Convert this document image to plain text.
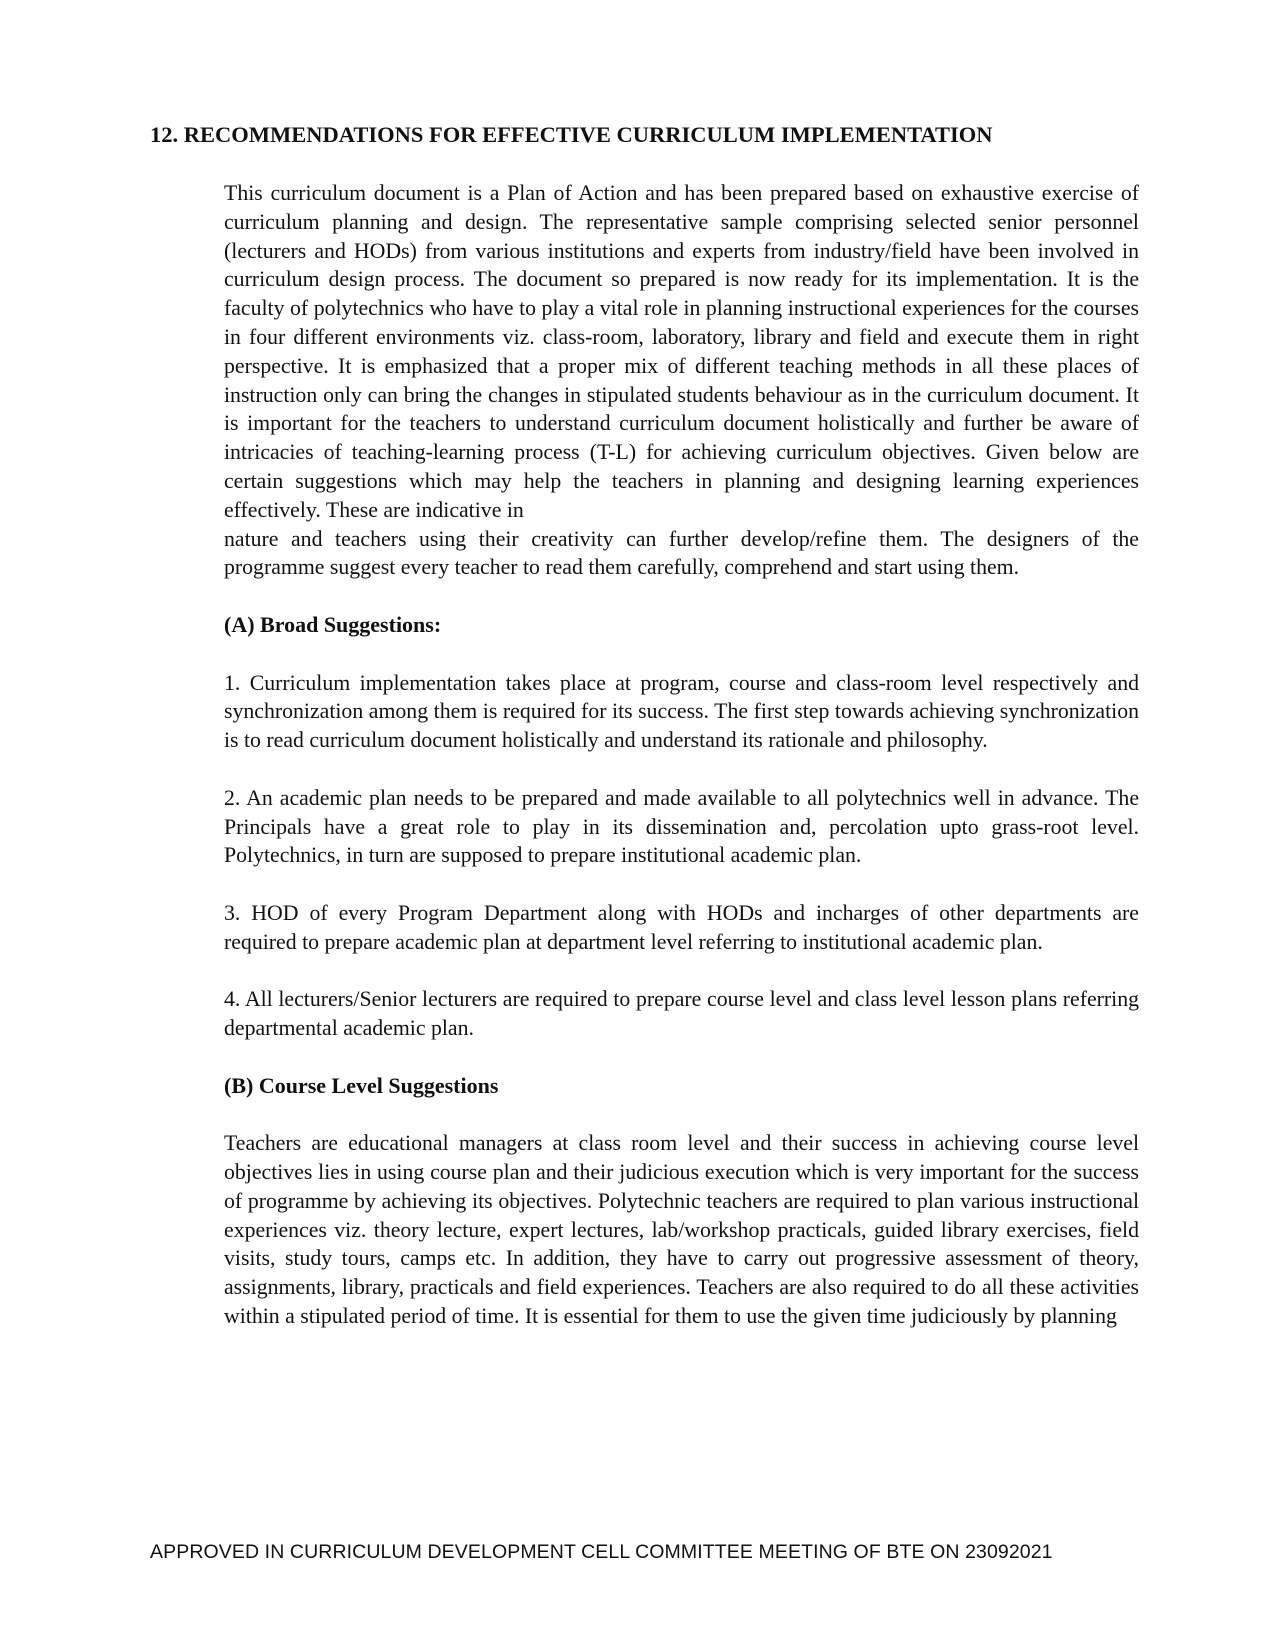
12. RECOMMENDATIONS FOR EFFECTIVE CURRICULUM IMPLEMENTATION

This curriculum document is a Plan of Action and has been prepared based on exhaustive exercise of curriculum planning and design. The representative sample comprising selected senior personnel (lecturers and HODs) from various institutions and experts from industry/field have been involved in curriculum design process. The document so prepared is now ready for its implementation. It is the faculty of polytechnics who have to play a vital role in planning instructional experiences for the courses in four different environments viz. class-room, laboratory, library and field and execute them in right perspective. It is emphasized that a proper mix of different teaching methods in all these places of instruction only can bring the changes in stipulated students behaviour as in the curriculum document. It is important for the teachers to understand curriculum document holistically and further be aware of intricacies of teaching-learning process (T-L) for achieving curriculum objectives. Given below are certain suggestions which may help the teachers in planning and designing learning experiences effectively. These are indicative in

nature and teachers using their creativity can further develop/refine them. The designers of the programme suggest every teacher to read them carefully, comprehend and start using them.

(A) Broad Suggestions:

1. Curriculum implementation takes place at program, course and class-room level respectively and synchronization among them is required for its success. The first step towards achieving synchronization is to read curriculum document holistically and understand its rationale and philosophy.

2. An academic plan needs to be prepared and made available to all polytechnics well in advance. The Principals have a great role to play in its dissemination and, percolation upto grass-root level. Polytechnics, in turn are supposed to prepare institutional academic plan.

3. HOD of every Program Department along with HODs and incharges of other departments are required to prepare academic plan at department level referring to institutional academic plan.

4. All lecturers/Senior lecturers are required to prepare course level and class level lesson plans referring departmental academic plan.

(B) Course Level Suggestions

Teachers are educational managers at class room level and their success in achieving course level objectives lies in using course plan and their judicious execution which is very important for the success of programme by achieving its objectives. Polytechnic teachers are required to plan various instructional experiences viz. theory lecture, expert lectures, lab/workshop practicals, guided library exercises, field visits, study tours, camps etc. In addition, they have to carry out progressive assessment of theory, assignments, library, practicals and field experiences. Teachers are also required to do all these activities within a stipulated period of time. It is essential for them to use the given time judiciously by planning

APPROVED IN CURRICULUM DEVELOPMENT CELL COMMITTEE MEETING OF BTE ON 23092021
